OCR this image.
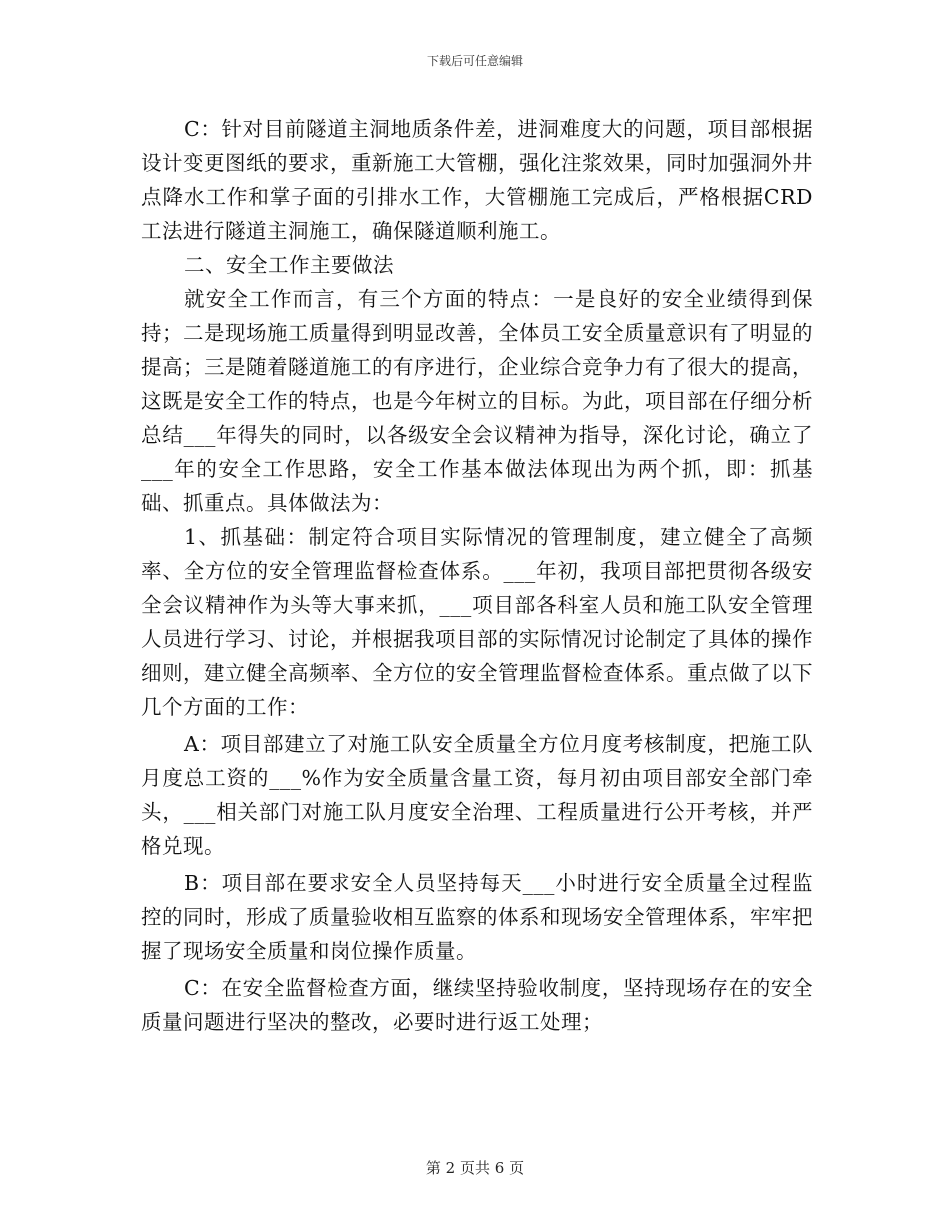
下载后可任意编辑

C：针对目前隧道主洞地质条件差，进洞难度大的问题，项目部根据设计变更图纸的要求，重新施工大管棚，强化注浆效果，同时加强洞外井点降水工作和掌子面的引排水工作，大管棚施工完成后，严格根据CRD工法进行隧道主洞施工，确保隧道顺利施工。

二、安全工作主要做法

就安全工作而言，有三个方面的特点：一是良好的安全业绩得到保持；二是现场施工质量得到明显改善，全体员工安全质量意识有了明显的提高；三是随着隧道施工的有序进行，企业综合竞争力有了很大的提高，这既是安全工作的特点，也是今年树立的目标。为此，项目部在仔细分析总结___年得失的同时，以各级安全会议精神为指导，深化讨论，确立了___年的安全工作思路，安全工作基本做法体现出为两个抓，即：抓基础、抓重点。具体做法为：

1、抓基础：制定符合项目实际情况的管理制度，建立健全了高频率、全方位的安全管理监督检查体系。___年初，我项目部把贯彻各级安全会议精神作为头等大事来抓，___项目部各科室人员和施工队安全管理人员进行学习、讨论，并根据我项目部的实际情况讨论制定了具体的操作细则，建立健全高频率、全方位的安全管理监督检查体系。重点做了以下几个方面的工作：

A：项目部建立了对施工队安全质量全方位月度考核制度，把施工队月度总工资的___%作为安全质量含量工资，每月初由项目部安全部门牵头，___相关部门对施工队月度安全治理、工程质量进行公开考核，并严格兑现。

B：项目部在要求安全人员坚持每天___小时进行安全质量全过程监控的同时，形成了质量验收相互监察的体系和现场安全管理体系，牢牢把握了现场安全质量和岗位操作质量。

C：在安全监督检查方面，继续坚持验收制度，坚持现场存在的安全质量问题进行坚决的整改，必要时进行返工处理；

第 2 页共 6 页
